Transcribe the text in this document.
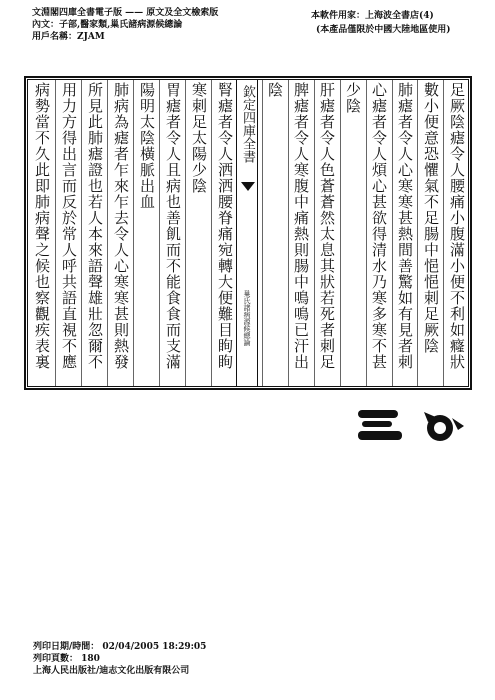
文淵閣四庫全書電子版 —— 原文及全文檢索版
內文：子部,醫家類,巢氏諸病源候總論
用戶名稱：ZJAM
本軟件用家：上海波全書店(4)
(本產品僅限於中國大陸地區使用)
足厥陰瘧令人腰痛小腹滿小便不利如癃狀
數小便意恐懼氣不足腸中悒悒刺足厥陰
肺瘧者令人心寒寒甚熱間善驚如有見者刺
心瘧者令人煩心甚欲得清水乃寒多寒不甚
少陰
肝瘧者令人色蒼蒼然太息其狀若死者刺足
脾瘧者令人寒腹中痛熱則腸中鳴鳴已汗出
陰
欽定四庫全書
巢氏諸病源候總論
腎瘧者令人洒洒腰脊痛宛轉大便難目眴眴
寒刺足太陽少陰
胃瘧者令人且病也善飢而不能食食而支滿
陽明太陰橫脈出血
肺病為瘧者乍來乍去令人心寒寒甚則熱發
所見此肺瘧證也若人本來語聲雄壯忽爾不
用力方得出言而反於常人呼共語直視不應
病勢當不久此即肺病聲之候也察觀疾表裏
列印日期/時間： 02/04/2005 18:29:05
列印頁數： 180
上海人民出版社/迪志文化出版有限公司
